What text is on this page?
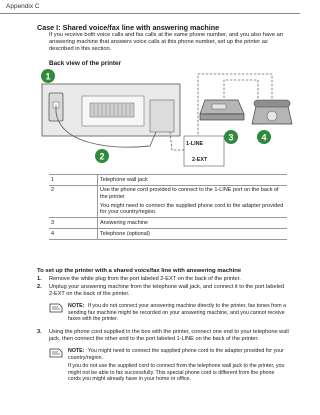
Appendix C
Case I: Shared voice/fax line with answering machine
If you receive both voice calls and fax calls at the same phone number, and you also have an answering machine that answers voice calls at this phone number, set up the printer as described in this section.
Back view of the printer
1-LINE
2-EXT
1
2
3	4
1	Telephone wall jack
2	Use the phone cord provided to connect to the 1-LINE port on the back of the printer
You might need to connect the supplied phone cord to the adapter provided for your country/region.

3	Answering machine
4	Telephone (optional)
To set up the printer with a shared voice/fax line with answering machine
1. Remove the white plug from the port labeled 2-EXT on the back of the printer.
2. Unplug your answering machine from the telephone wall jack, and connect it to the port labeled 2-EXT on the back of the printer.
NOTE: If you do not connect your answering machine directly to the printer, fax tones from a sending fax machine might be recorded on your answering machine, and you cannot receive faxes with the printer.
3. Using the phone cord supplied in the box with the printer, connect one end to your telephone wall jack, then connect the other end to the port labeled 1-LINE on the back of the printer.

NOTE: You might need to connect the supplied phone cord to the adapter provided for your country/region.

If you do not use the supplied cord to connect from the telephone wall jack to the printer, you might not be able to fax successfully. This special phone cord is different from the phone cords you might already have in your home or office.
